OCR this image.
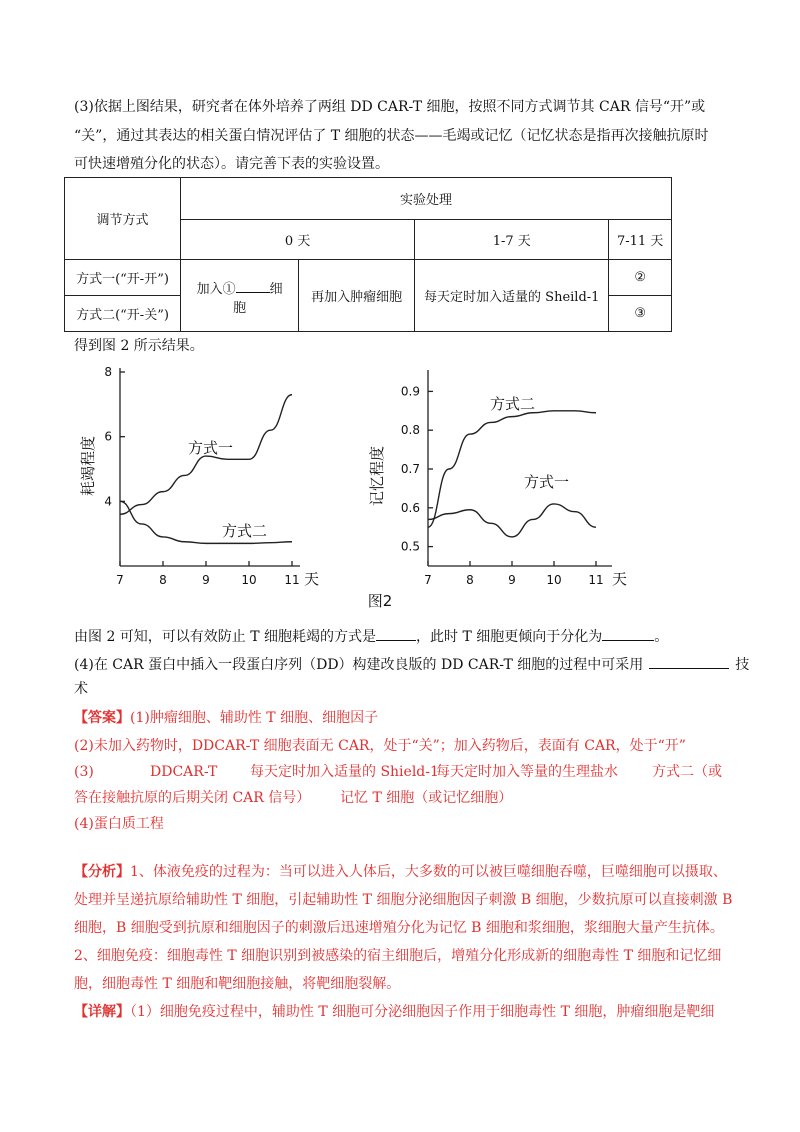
(3)依据上图结果，研究者在体外培养了两组 DD CAR-T 细胞，按照不同方式调节其 CAR 信号“开”或
“关”，通过其表达的相关蛋白情况评估了 T 细胞的状态——毛竭或记忆（记忆状态是指再次接触抗原时
可快速增殖分化的状态）。请完善下表的实验设置。
调节方式	实验处理			
	0 天		1-7 天	7-11 天
方式一(“开-开”)	加入① 细
胞	再加入肿瘤细胞	每天定时加入适量的 Sheild-1	②
方式二(“开-关”)				③
得到图 2 所示结果。
7	8	9	10 11
4
6
8
耗竭程度
天
方式一
方式二
7	8	9	10 11
0.5
0.6
0.7
0.8
0.9
记忆程度
天
方式二
方式一
图2
由图 2 可知，可以有效防止 T 细胞耗竭的方式是	，此时 T 细胞更倾向于分化为	。
(4)在 CAR 蛋白中插入一段蛋白序列（DD）构建改良版的 DD CAR-T 细胞的过程中可采用	技
术
【答案】(1)肿瘤细胞、辅助性 T 细胞、细胞因子
(2)未加入药物时，DDCAR-T 细胞表面无 CAR，处于“关”；加入药物后，表面有 CAR，处于“开”
(3)	DDCAR-T 每天定时加入适量的 Shield-1
每天定时加入等量的生理盐水 方式二（或
答在接触抗原的后期关闭 CAR 信号） 记忆 T 细胞（或记忆细胞）
(4)蛋白质工程
【分析】1、体液免疫的过程为：当可以进入人体后，大多数的可以被巨噬细胞吞噬，巨噬细胞可以摄取、
处理并呈递抗原给辅助性 T 细胞，引起辅助性 T 细胞分泌细胞因子刺激 B 细胞，少数抗原可以直接刺激 B
细胞，B 细胞受到抗原和细胞因子的刺激后迅速增殖分化为记忆 B 细胞和浆细胞，浆细胞大量产生抗体。
2、细胞免疫：细胞毒性 T 细胞识别到被感染的宿主细胞后，增殖分化形成新的细胞毒性 T 细胞和记忆细
胞，细胞毒性 T 细胞和靶细胞接触，将靶细胞裂解。
【详解】（1）细胞免疫过程中，辅助性 T 细胞可分泌细胞因子作用于细胞毒性 T 细胞，肿瘤细胞是靶细
